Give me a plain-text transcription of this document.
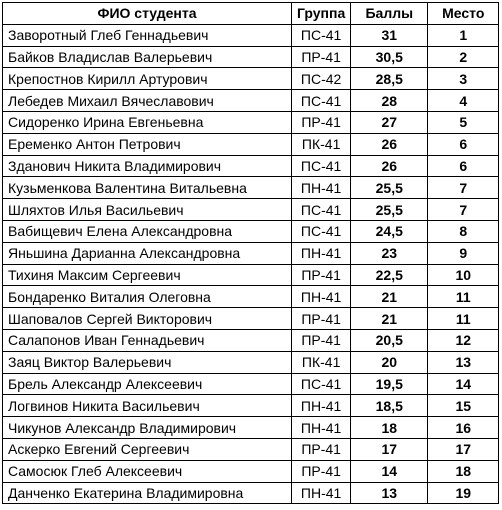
ФИО студента	Группа	Баллы	Место
Заворотный Глеб Геннадьевич	ПС-41	31	1
Байков Владислав Валерьевич	ПР-41	30,5	2
Крепостнов Кирилл Артурович	ПС-42	28,5	3
Лебедев Михаил Вячеславович	ПС-41	28	4
Сидоренко Ирина Евгеньевна	ПР-41	27	5
Еременко Антон Петрович	ПК-41	26	6
Зданович Никита Владимирович	ПС-41	26	6
Кузьменкова Валентина Витальевна	ПН-41	25,5	7
Шляхтов Илья Васильевич	ПС-41	25,5	7
Вабищевич Елена Александровна	ПС-41	24,5	8
Яньшина Дарианна Александровна	ПН-41	23	9
Тихиня Максим Сергеевич	ПР-41	22,5	10
Бондаренко Виталия Олеговна	ПН-41	21	11
Шаповалов Сергей Викторович	ПР-41	21	11
Салапонов Иван Геннадьевич	ПР-41	20,5	12
Заяц Виктор Валерьевич	ПК-41	20	13
Брель Александр Алексеевич	ПС-41	19,5	14
Логвинов Никита Васильевич	ПН-41	18,5	15
Чикунов Александр Владимирович	ПН-41	18	16
Аскерко Евгений Сергеевич	ПР-41	17	17
Самосюк Глеб Алексеевич	ПР-41	14	18
Данченко Екатерина Владимировна	ПН-41	13	19
